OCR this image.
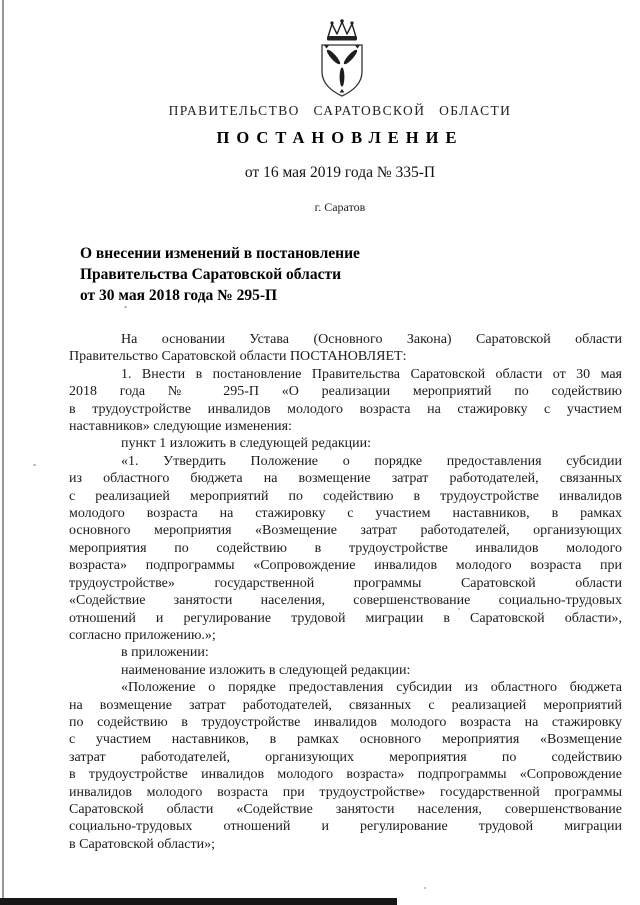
ПРАВИТЕЛЬСТВО САРАТОВСКОЙ ОБЛАСТИ
ПОСТАНОВЛЕНИЕ
от 16 мая 2019 года № 335-П
г. Саратов
О внесении изменений в постановление
Правительства Саратовской области
от 30 мая 2018 года № 295-П
На основании Устава (Основного Закона) Саратовской области
Правительство Саратовской области ПОСТАНОВЛЯЕТ:
1. Внести в постановление Правительства Саратовской области от 30 мая
2018 года № 295-П «О реализации мероприятий по содействию
в трудоустройстве инвалидов молодого возраста на стажировку с участием
наставников» следующие изменения:
пункт 1 изложить в следующей редакции:
«1. Утвердить Положение о порядке предоставления субсидии
из областного бюджета на возмещение затрат работодателей, связанных
с реализацией мероприятий по содействию в трудоустройстве инвалидов
молодого возраста на стажировку с участием наставников, в рамках
основного мероприятия «Возмещение затрат работодателей, организующих
мероприятия по содействию в трудоустройстве инвалидов молодого
возраста» подпрограммы «Сопровождение инвалидов молодого возраста при
трудоустройстве» государственной программы Саратовской области
«Содействие занятости населения, совершенствование социально-трудовых
отношений и регулирование трудовой миграции в Саратовской области»,
согласно приложению.»;
в приложении:
наименование изложить в следующей редакции:
«Положение о порядке предоставления субсидии из областного бюджета
на возмещение затрат работодателей, связанных с реализацией мероприятий
по содействию в трудоустройстве инвалидов молодого возраста на стажировку
с участием наставников, в рамках основного мероприятия «Возмещение
затрат работодателей, организующих мероприятия по содействию
в трудоустройстве инвалидов молодого возраста» подпрограммы «Сопровождение
инвалидов молодого возраста при трудоустройстве» государственной программы
Саратовской области «Содействие занятости населения, совершенствование
социально-трудовых отношений и регулирование трудовой миграции
в Саратовской области»;
